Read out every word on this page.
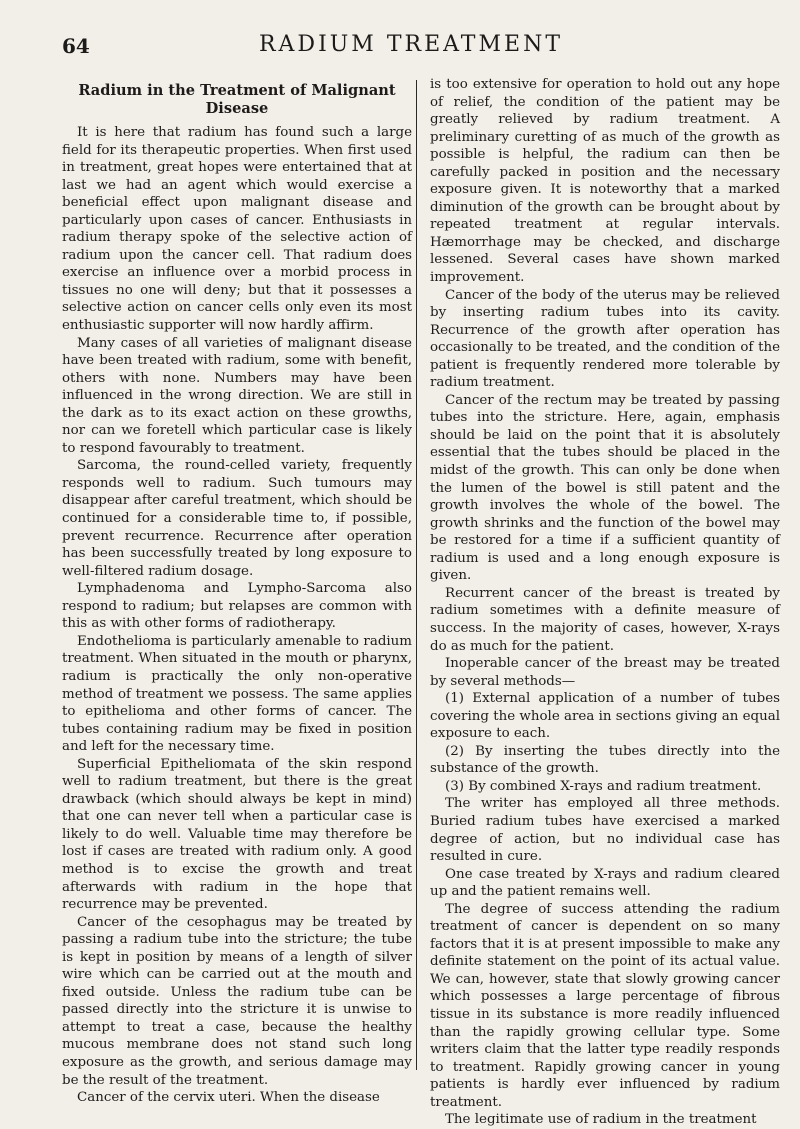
64	RADIUM TREATMENT
Radium in the Treatment of Malignant Disease

It is here that radium has found such a large field for its therapeutic properties. When first used in treatment, great hopes were entertained that at last we had an agent which would exercise a beneficial effect upon malignant disease and particularly upon cases of cancer. Enthusiasts in radium therapy spoke of the selective action of radium upon the cancer cell. That radium does exercise an influence over a morbid process in tissues no one will deny; but that it possesses a selective action on cancer cells only even its most enthusiastic supporter will now hardly affirm.

Many cases of all varieties of malignant disease have been treated with radium, some with benefit, others with none. Numbers may have been influenced in the wrong direction. We are still in the dark as to its exact action on these growths, nor can we foretell which particular case is likely to respond favourably to treatment.

Sarcoma, the round-celled variety, frequently responds well to radium. Such tumours may disappear after careful treatment, which should be continued for a considerable time to, if possible, prevent recurrence. Recurrence after operation has been successfully treated by long exposure to well-filtered radium dosage.

Lymphadenoma and Lympho-Sarcoma also respond to radium; but relapses are common with this as with other forms of radiotherapy.

Endothelioma is particularly amenable to radium treatment. When situated in the mouth or pharynx, radium is practically the only non-operative method of treatment we possess. The same applies to epithelioma and other forms of cancer. The tubes containing radium may be fixed in position and left for the necessary time.

Superficial Epitheliomata of the skin respond well to radium treatment, but there is the great drawback (which should always be kept in mind) that one can never tell when a particular case is likely to do well. Valuable time may therefore be lost if cases are treated with radium only. A good method is to excise the growth and treat afterwards with radium in the hope that recurrence may be prevented.

Cancer of the cesophagus may be treated by passing a radium tube into the stricture; the tube is kept in position by means of a length of silver wire which can be carried out at the mouth and fixed outside. Unless the radium tube can be passed directly into the stricture it is unwise to attempt to treat a case, because the healthy mucous membrane does not stand such long exposure as the growth, and serious damage may be the result of the treatment.

Cancer of the cervix uteri. When the disease

is too extensive for operation to hold out any hope of relief, the condition of the patient may be greatly relieved by radium treatment. A preliminary curetting of as much of the growth as possible is helpful, the radium can then be carefully packed in position and the necessary exposure given. It is noteworthy that a marked diminution of the growth can be brought about by repeated treatment at regular intervals. Hæmorrhage may be checked, and discharge lessened. Several cases have shown marked improvement.

Cancer of the body of the uterus may be relieved by inserting radium tubes into its cavity. Recurrence of the growth after operation has occasionally to be treated, and the condition of the patient is frequently rendered more tolerable by radium treatment.

Cancer of the rectum may be treated by passing tubes into the stricture. Here, again, emphasis should be laid on the point that it is absolutely essential that the tubes should be placed in the midst of the growth. This can only be done when the lumen of the bowel is still patent and the growth involves the whole of the bowel. The growth shrinks and the function of the bowel may be restored for a time if a sufficient quantity of radium is used and a long enough exposure is given.

Recurrent cancer of the breast is treated by radium sometimes with a definite measure of success. In the majority of cases, however, X-rays do as much for the patient.

Inoperable cancer of the breast may be treated by several methods—

(1) External application of a number of tubes covering the whole area in sections giving an equal exposure to each.

(2) By inserting the tubes directly into the substance of the growth.

(3) By combined X-rays and radium treatment.

The writer has employed all three methods. Buried radium tubes have exercised a marked degree of action, but no individual case has resulted in cure.

One case treated by X-rays and radium cleared up and the patient remains well.

The degree of success attending the radium treatment of cancer is dependent on so many factors that it is at present impossible to make any definite statement on the point of its actual value. We can, however, state that slowly growing cancer which possesses a large percentage of fibrous tissue in its substance is more readily influenced than the rapidly growing cellular type. Some writers claim that the latter type readily responds to treatment. Rapidly growing cancer in young patients is hardly ever influenced by radium treatment.

The legitimate use of radium in the treatment
